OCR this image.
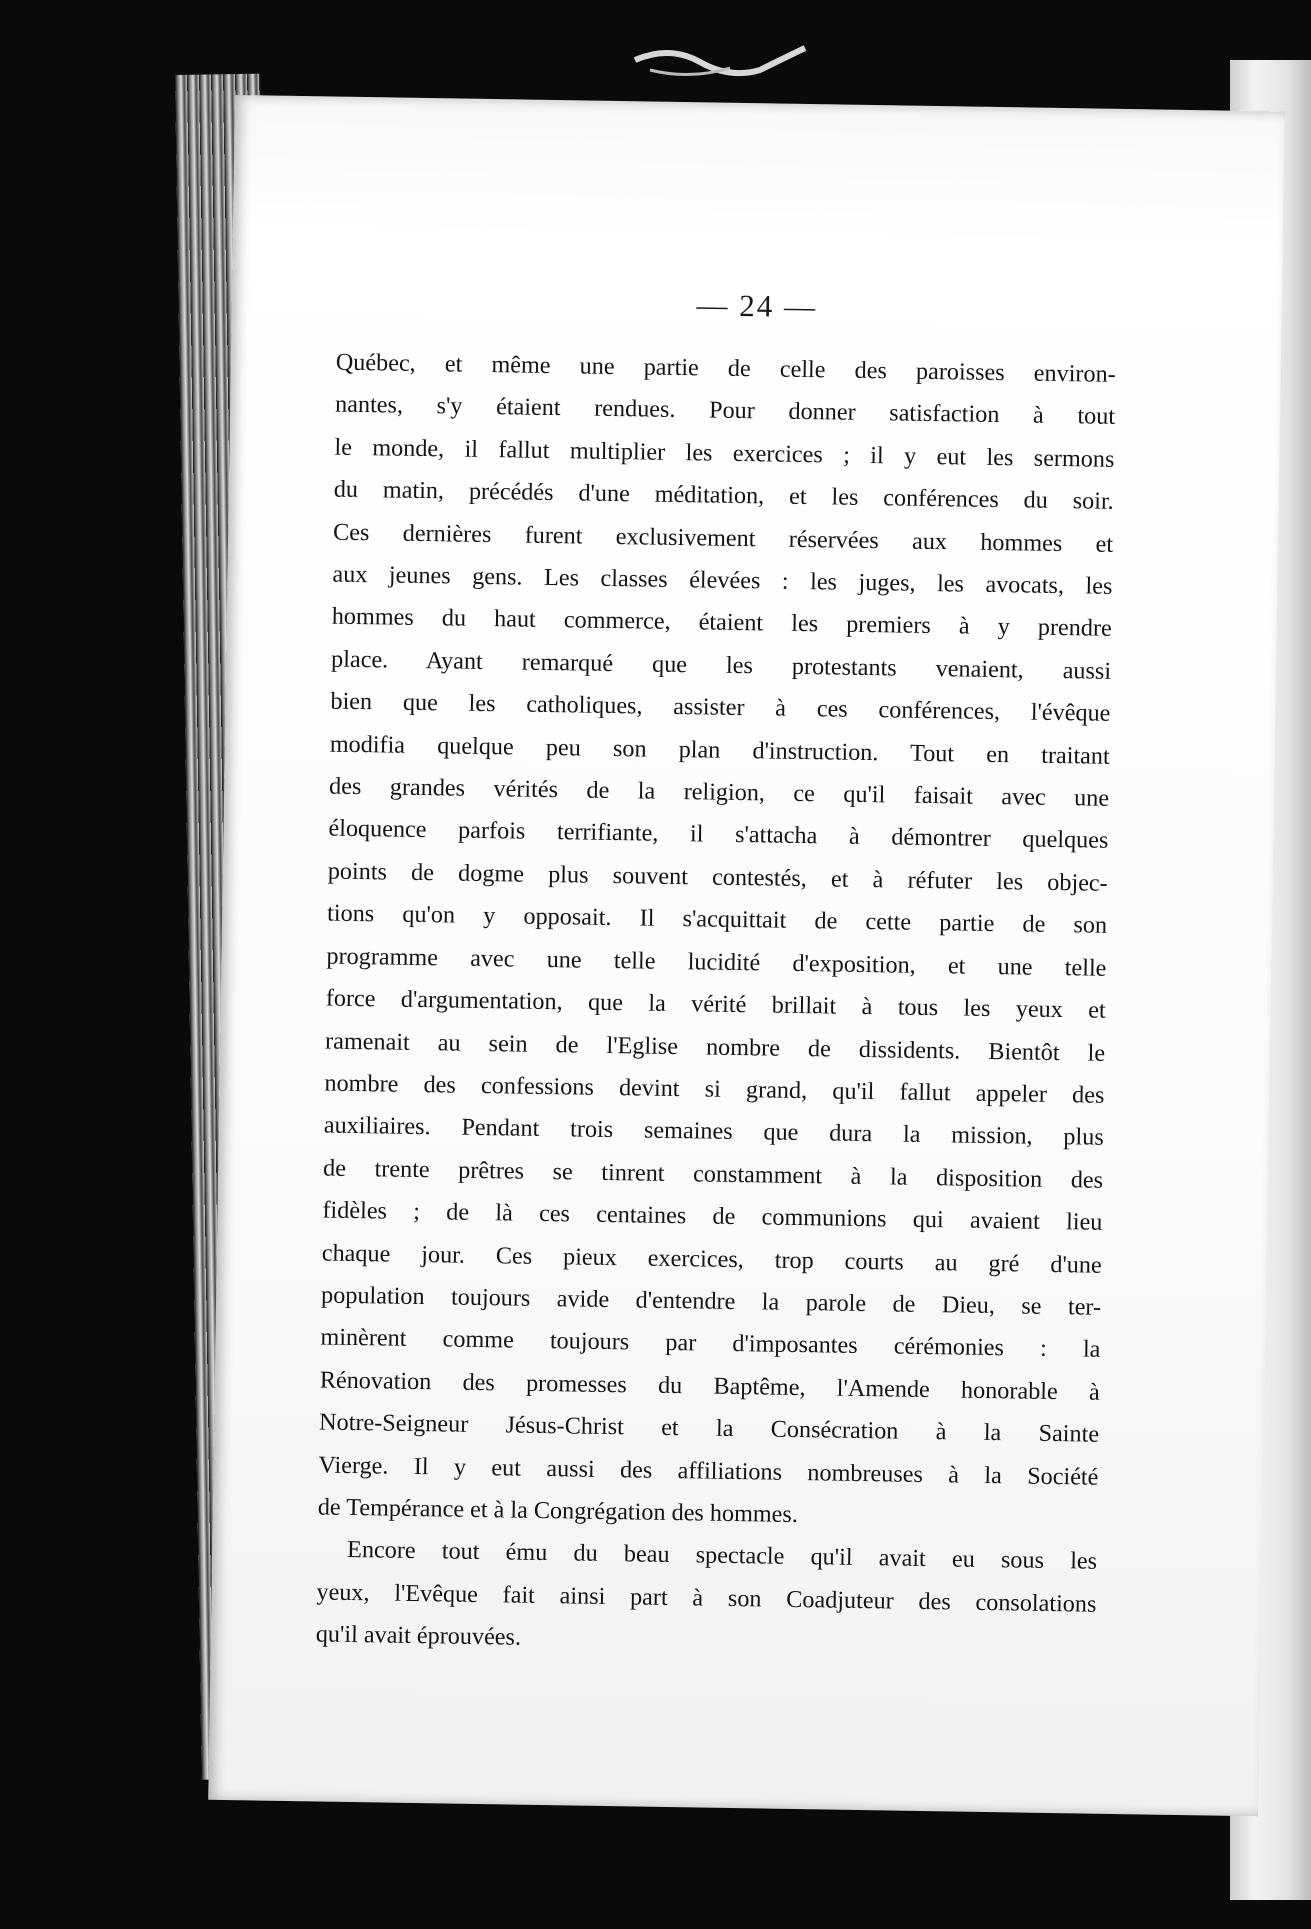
— 24 —
Québec, et même une partie de celle des paroisses environ-
nantes, s'y étaient rendues. Pour donner satisfaction à tout
le monde, il fallut multiplier les exercices ; il y eut les sermons
du matin, précédés d'une méditation, et les conférences du soir.
Ces dernières furent exclusivement réservées aux hommes et
aux jeunes gens. Les classes élevées : les juges, les avocats, les
hommes du haut commerce, étaient les premiers à y prendre
place. Ayant remarqué que les protestants venaient, aussi
bien que les catholiques, assister à ces conférences, l'évêque
modifia quelque peu son plan d'instruction. Tout en traitant
des grandes vérités de la religion, ce qu'il faisait avec une
éloquence parfois terrifiante, il s'attacha à démontrer quelques
points de dogme plus souvent contestés, et à réfuter les objec-
tions qu'on y opposait. Il s'acquittait de cette partie de son
programme avec une telle lucidité d'exposition, et une telle
force d'argumentation, que la vérité brillait à tous les yeux et
ramenait au sein de l'Eglise nombre de dissidents. Bientôt le
nombre des confessions devint si grand, qu'il fallut appeler des
auxiliaires. Pendant trois semaines que dura la mission, plus
de trente prêtres se tinrent constamment à la disposition des
fidèles ; de là ces centaines de communions qui avaient lieu
chaque jour. Ces pieux exercices, trop courts au gré d'une
population toujours avide d'entendre la parole de Dieu, se ter-
minèrent comme toujours par d'imposantes cérémonies : la
Rénovation des promesses du Baptême, l'Amende honorable à
Notre-Seigneur Jésus-Christ et la Consécration à la Sainte
Vierge. Il y eut aussi des affiliations nombreuses à la Société
de Tempérance et à la Congrégation des hommes.
Encore tout ému du beau spectacle qu'il avait eu sous les
yeux, l'Evêque fait ainsi part à son Coadjuteur des consolations
qu'il avait éprouvées.
